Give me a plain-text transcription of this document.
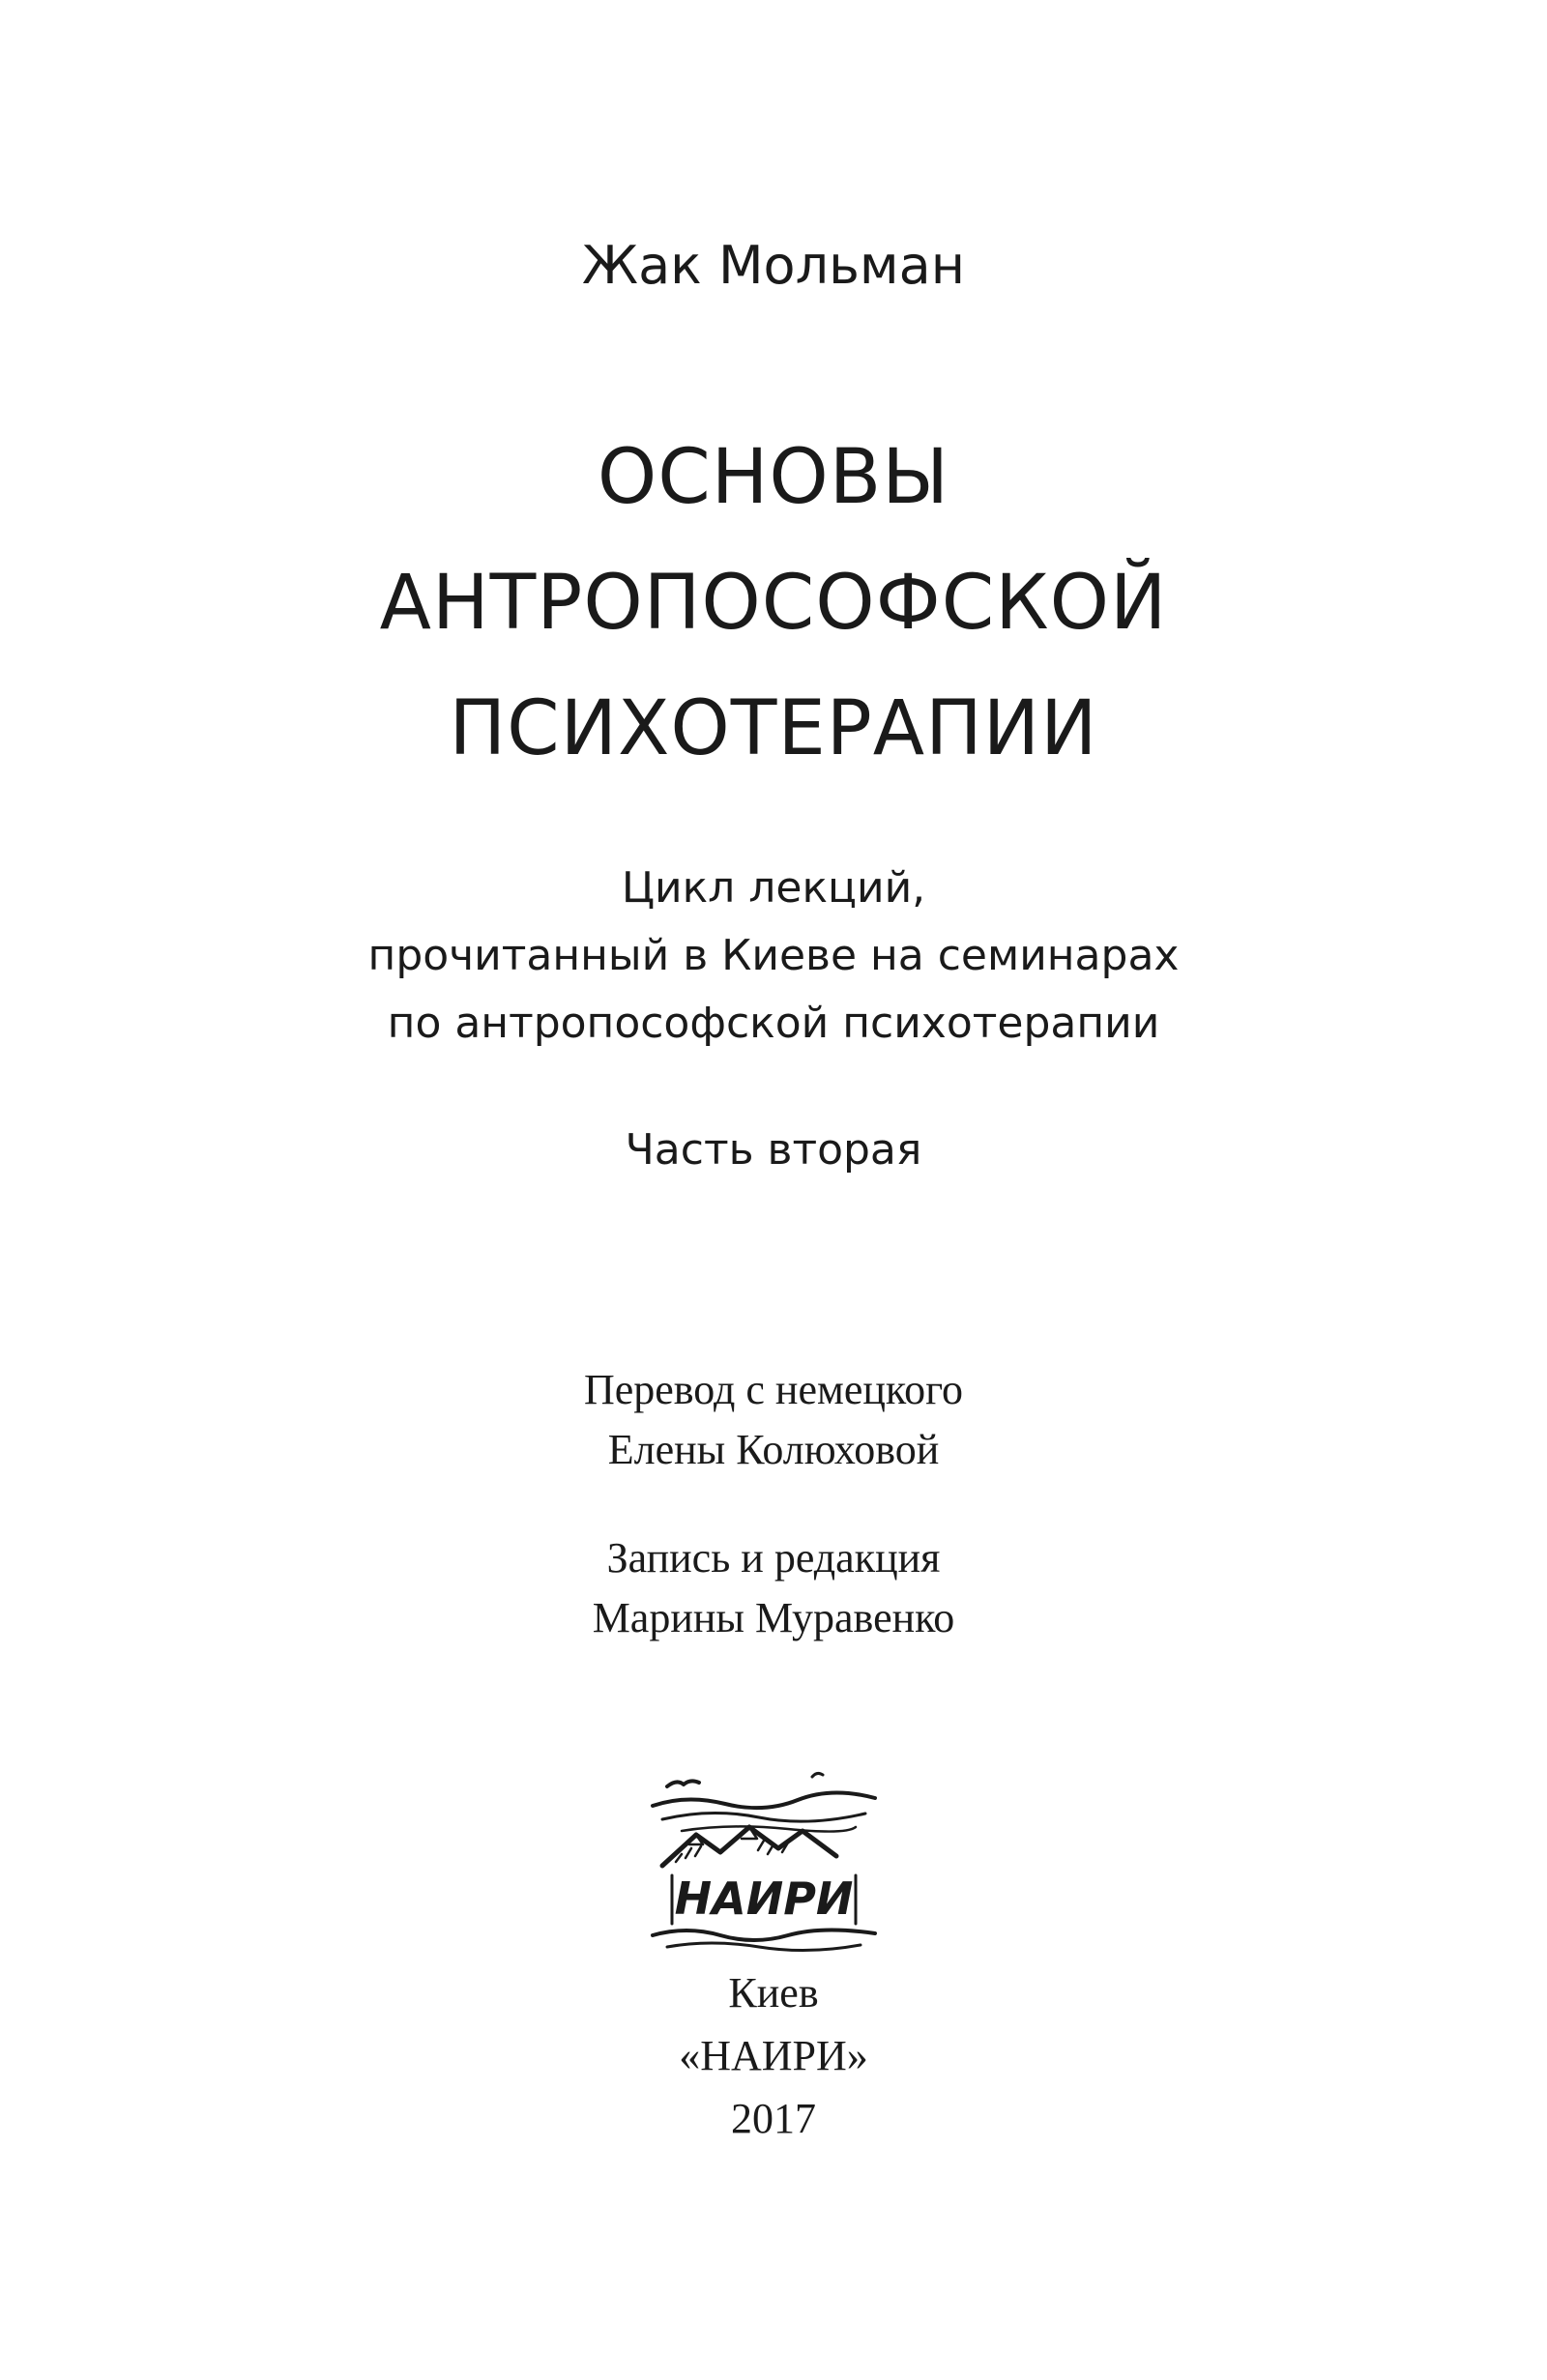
Жак Мольман
ОСНОВЫ
АНТРОПОСОФСКОЙ
ПСИХОТЕРАПИИ
Цикл лекций,
прочитанный в Киеве на семинарах
по антропософской психотерапии
Часть вторая
Перевод с немецкого
Елены Колюховой
Запись и редакция
Марины Муравенко
НАИРИ
Киев
«НАИРИ»
2017
